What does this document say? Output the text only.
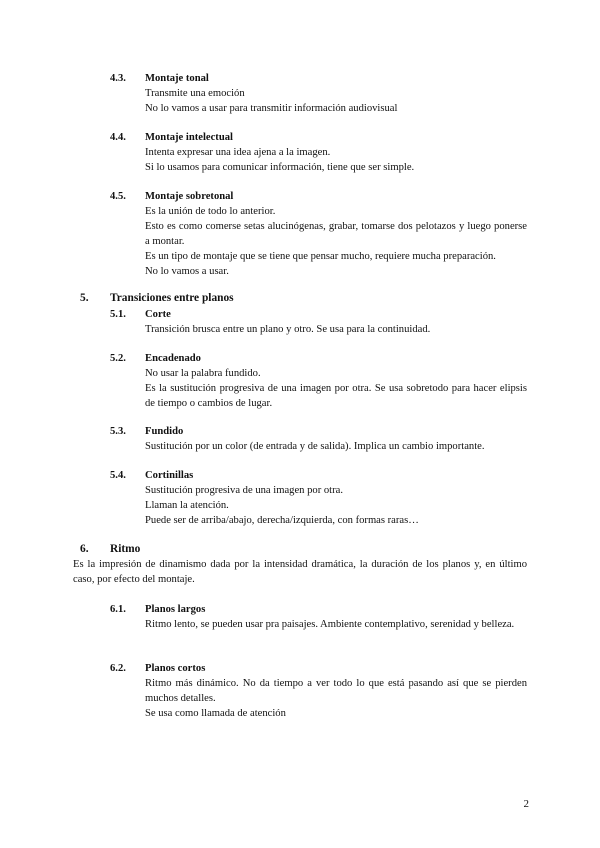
4.3. Montaje tonal

Transmite una emoción

No lo vamos a usar para transmitir información audiovisual

4.4. Montaje intelectual

Intenta expresar una idea ajena a la imagen.

Si lo usamos para comunicar información, tiene que ser simple.

4.5. Montaje sobretonal

Es la unión de todo lo anterior.

Esto es como comerse setas alucinógenas, grabar, tomarse dos pelotazos y luego ponerse a montar.

Es un tipo de montaje que se tiene que pensar mucho, requiere mucha preparación.

No lo vamos a usar.

5. Transiciones entre planos
5.1. Corte

Transición brusca entre un plano y otro. Se usa para la continuidad.

5.2. Encadenado

No usar la palabra fundido.

Es la sustitución progresiva de una imagen por otra. Se usa sobretodo para hacer elipsis de tiempo o cambios de lugar.

5.3. Fundido

Sustitución por un color (de entrada y de salida). Implica un cambio importante.

5.4. Cortinillas

Sustitución progresiva de una imagen por otra.

Llaman la atención.

Puede ser de arriba/abajo, derecha/izquierda, con formas raras…

6. Ritmo

Es la impresión de dinamismo dada por la intensidad dramática, la duración de los planos y, en último caso, por efecto del montaje.

6.1. Planos largos

Ritmo lento, se pueden usar pra paisajes. Ambiente contemplativo, serenidad y belleza.

6.2. Planos cortos

Ritmo más dinámico. No da tiempo a ver todo lo que está pasando así que se pierden muchos detalles.

Se usa como llamada de atención

2
